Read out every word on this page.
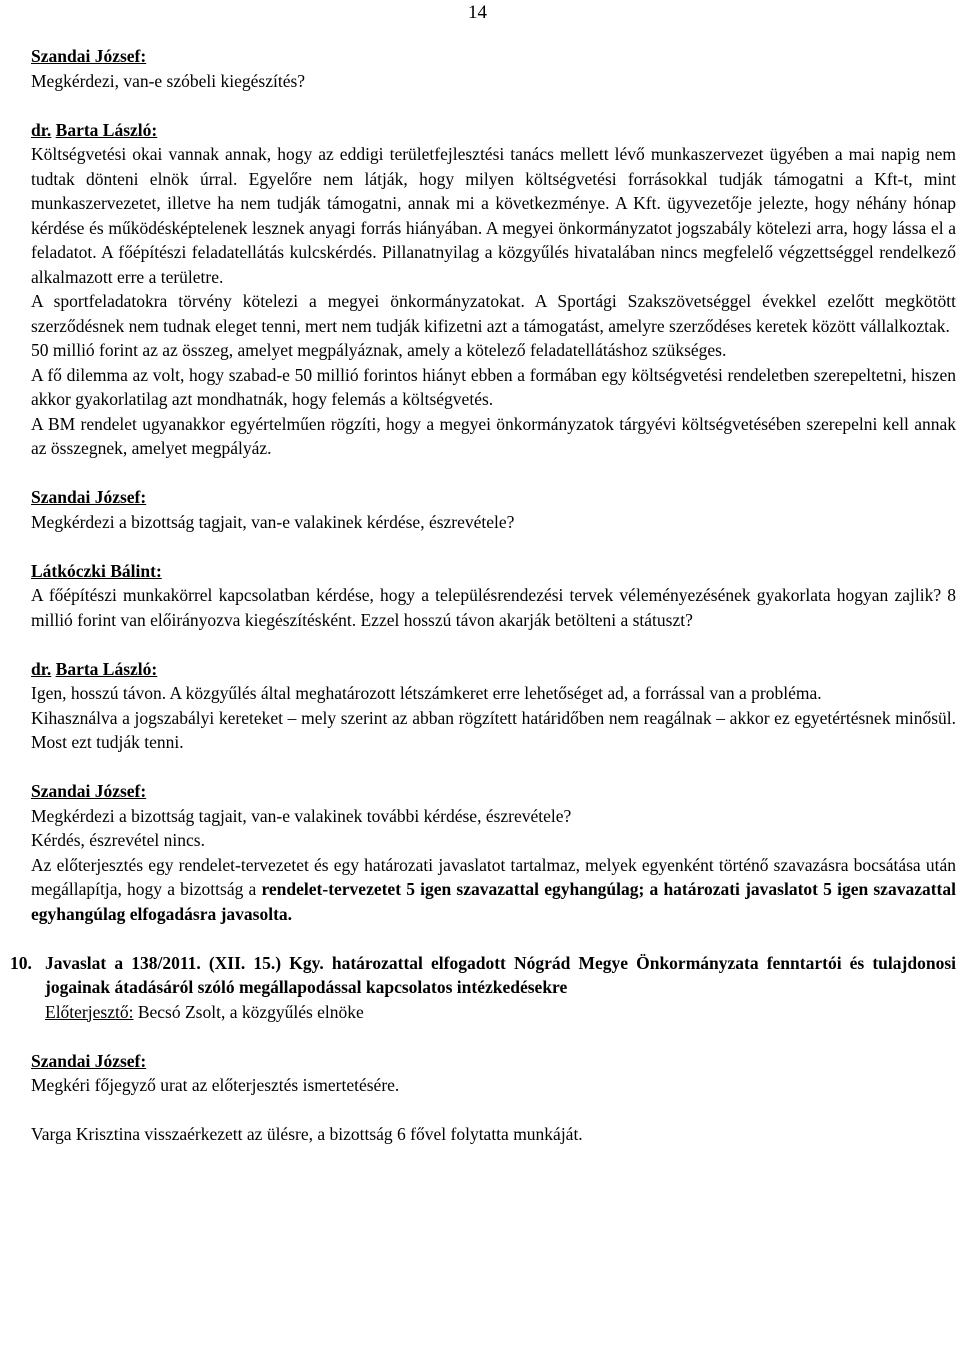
14
Szandai József:

Megkérdezi, van-e szóbeli kiegészítés?

dr. Barta László:

Költségvetési okai vannak annak, hogy az eddigi területfejlesztési tanács mellett lévő munkaszervezet ügyében a mai napig nem tudtak dönteni elnök úrral. Egyelőre nem látják, hogy milyen költségvetési forrásokkal tudják támogatni a Kft-t, mint munkaszervezetet, illetve ha nem tudják támogatni, annak mi a következménye. A Kft. ügyvezetője jelezte, hogy néhány hónap kérdése és működésképtelenek lesznek anyagi forrás hiányában. A megyei önkormányzatot jogszabály kötelezi arra, hogy lássa el a feladatot. A főépítészi feladatellátás kulcskérdés. Pillanatnyilag a közgyűlés hivatalában nincs megfelelő végzettséggel rendelkező alkalmazott erre a területre.

A sportfeladatokra törvény kötelezi a megyei önkormányzatokat. A Sportági Szakszövetséggel évekkel ezelőtt megkötött szerződésnek nem tudnak eleget tenni, mert nem tudják kifizetni azt a támogatást, amelyre szerződéses keretek között vállalkoztak.

50 millió forint az az összeg, amelyet megpályáznak, amely a kötelező feladatellátáshoz szükséges.

A fő dilemma az volt, hogy szabad-e 50 millió forintos hiányt ebben a formában egy költségvetési rendeletben szerepeltetni, hiszen akkor gyakorlatilag azt mondhatnák, hogy felemás a költségvetés.

A BM rendelet ugyanakkor egyértelműen rögzíti, hogy a megyei önkormányzatok tárgyévi költségvetésében szerepelni kell annak az összegnek, amelyet megpályáz.

Szandai József:

Megkérdezi a bizottság tagjait, van-e valakinek kérdése, észrevétele?

Látkóczki Bálint:

A főépítészi munkakörrel kapcsolatban kérdése, hogy a településrendezési tervek véleményezésének gyakorlata hogyan zajlik? 8 millió forint van előirányozva kiegészítésként. Ezzel hosszú távon akarják betölteni a státuszt?

dr. Barta László:

Igen, hosszú távon. A közgyűlés által meghatározott létszámkeret erre lehetőséget ad, a forrással van a probléma.

Kihasználva a jogszabályi kereteket – mely szerint az abban rögzített határidőben nem reagálnak – akkor ez egyetértésnek minősül. Most ezt tudják tenni.

Szandai József:

Megkérdezi a bizottság tagjait, van-e valakinek további kérdése, észrevétele?

Kérdés, észrevétel nincs.

Az előterjesztés egy rendelet-tervezetet és egy határozati javaslatot tartalmaz, melyek egyenként történő szavazásra bocsátása után megállapítja, hogy a bizottság a rendelet-tervezetet 5 igen szavazattal egyhangúlag; a határozati javaslatot 5 igen szavazattal egyhangúlag elfogadásra javasolta.

10. Javaslat a 138/2011. (XII. 15.) Kgy. határozattal elfogadott Nógrád Megye Önkormányzata fenntartói és tulajdonosi jogainak átadásáról szóló megállapodással kapcsolatos intézkedésekre

Előterjesztő: Becsó Zsolt, a közgyűlés elnöke

Szandai József:

Megkéri főjegyző urat az előterjesztés ismertetésére.

Varga Krisztina visszaérkezett az ülésre, a bizottság 6 fővel folytatta munkáját.
